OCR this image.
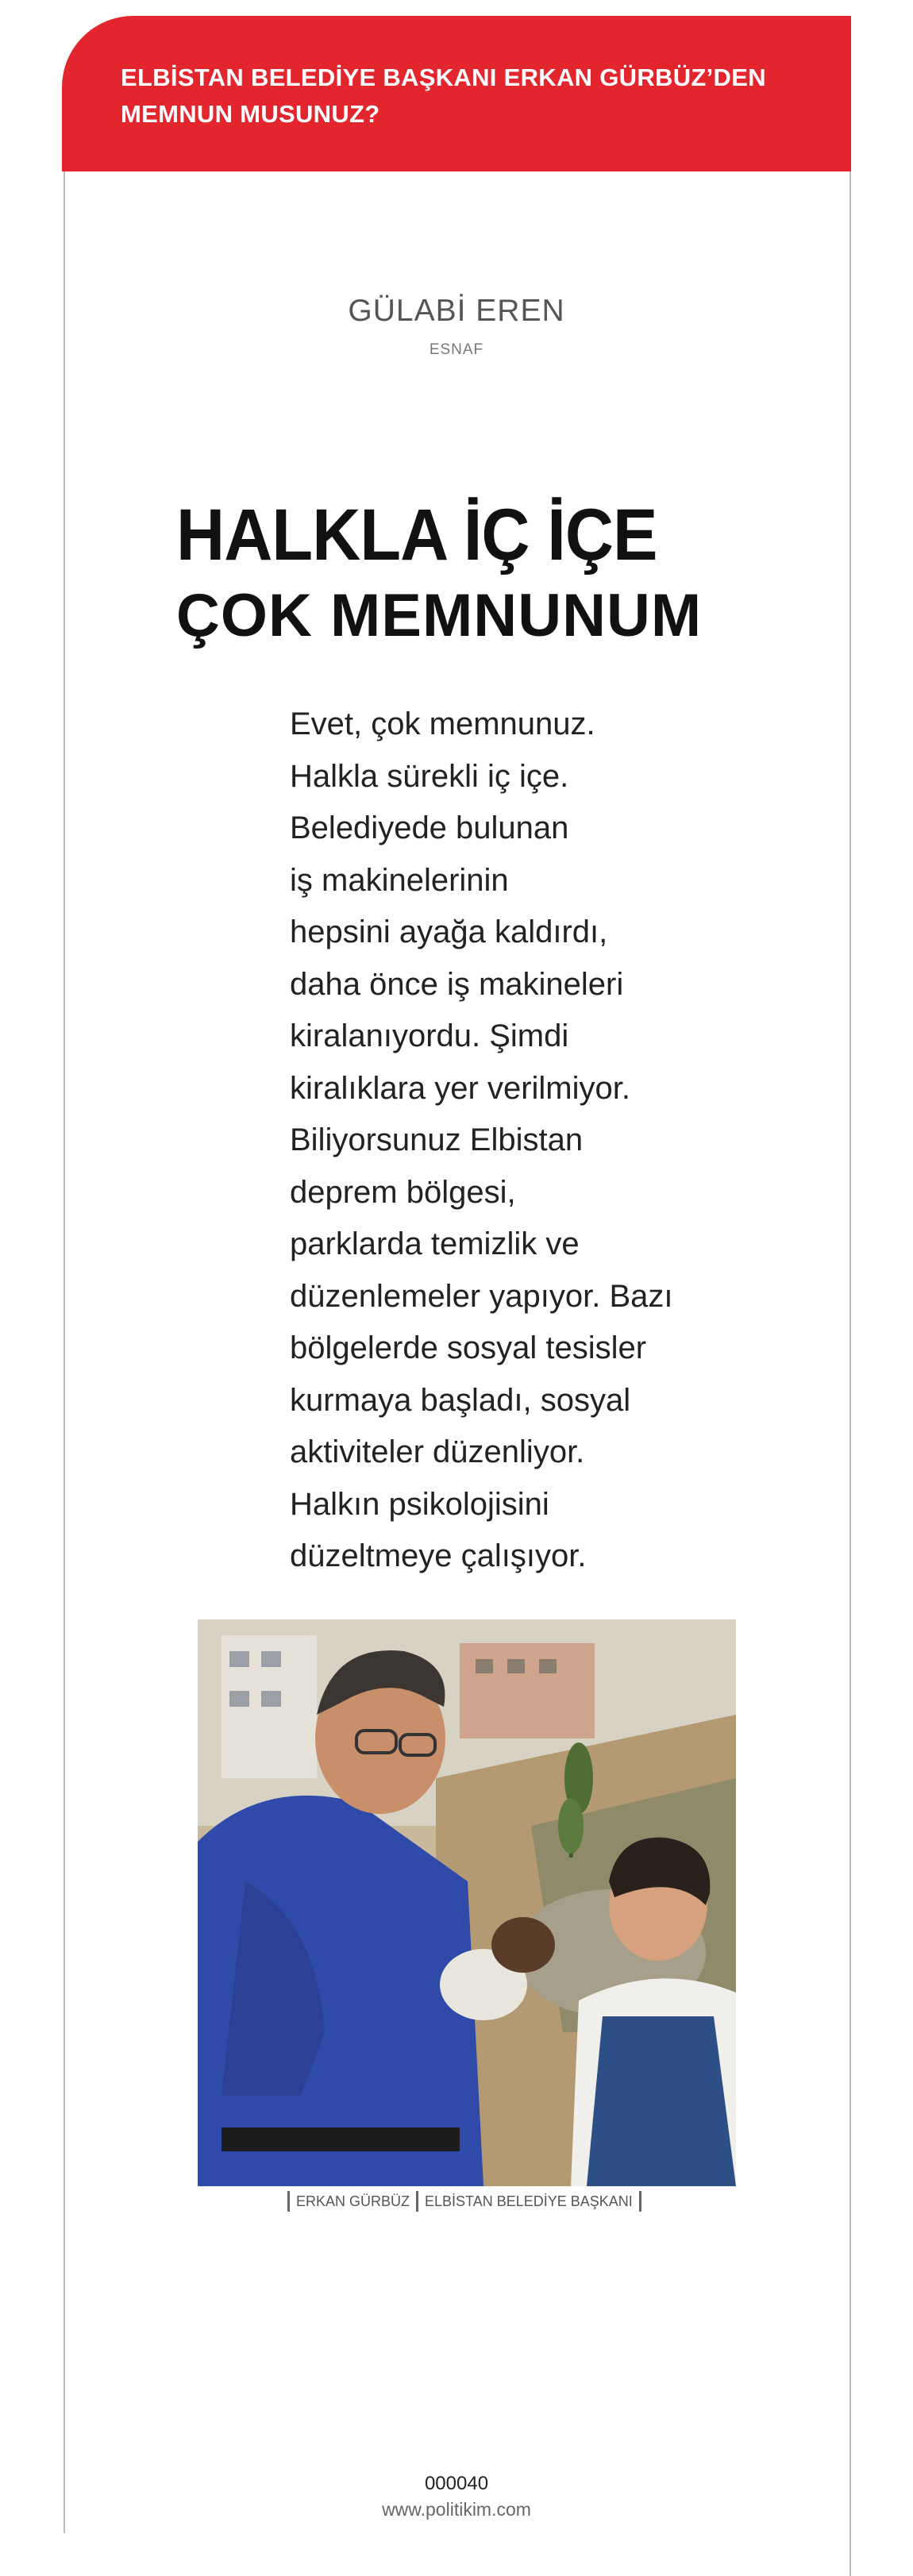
ELBİSTAN BELEDİYE BAŞKANI ERKAN GÜRBÜZ’DEN MEMNUN MUSUNUZ?
GÜLABİ EREN
ESNAF
HALKLA İÇ İÇE
ÇOK MEMNUNUM
Evet, çok memnunuz.
Halkla sürekli iç içe.
Belediyede bulunan
iş makinelerinin
hepsini ayağa kaldırdı,
daha önce iş makineleri
kiralanıyordu. Şimdi
kiralıklara yer verilmiyor.
Biliyorsunuz Elbistan
deprem bölgesi,
parklarda temizlik ve
düzenlemeler yapıyor. Bazı
bölgelerde sosyal tesisler
kurmaya başladı, sosyal
aktiviteler düzenliyor.
Halkın psikolojisini
düzeltmeye çalışıyor.
ERKAN GÜRBÜZ ELBİSTAN BELEDİYE BAŞKANI
000040
www.politikim.com
